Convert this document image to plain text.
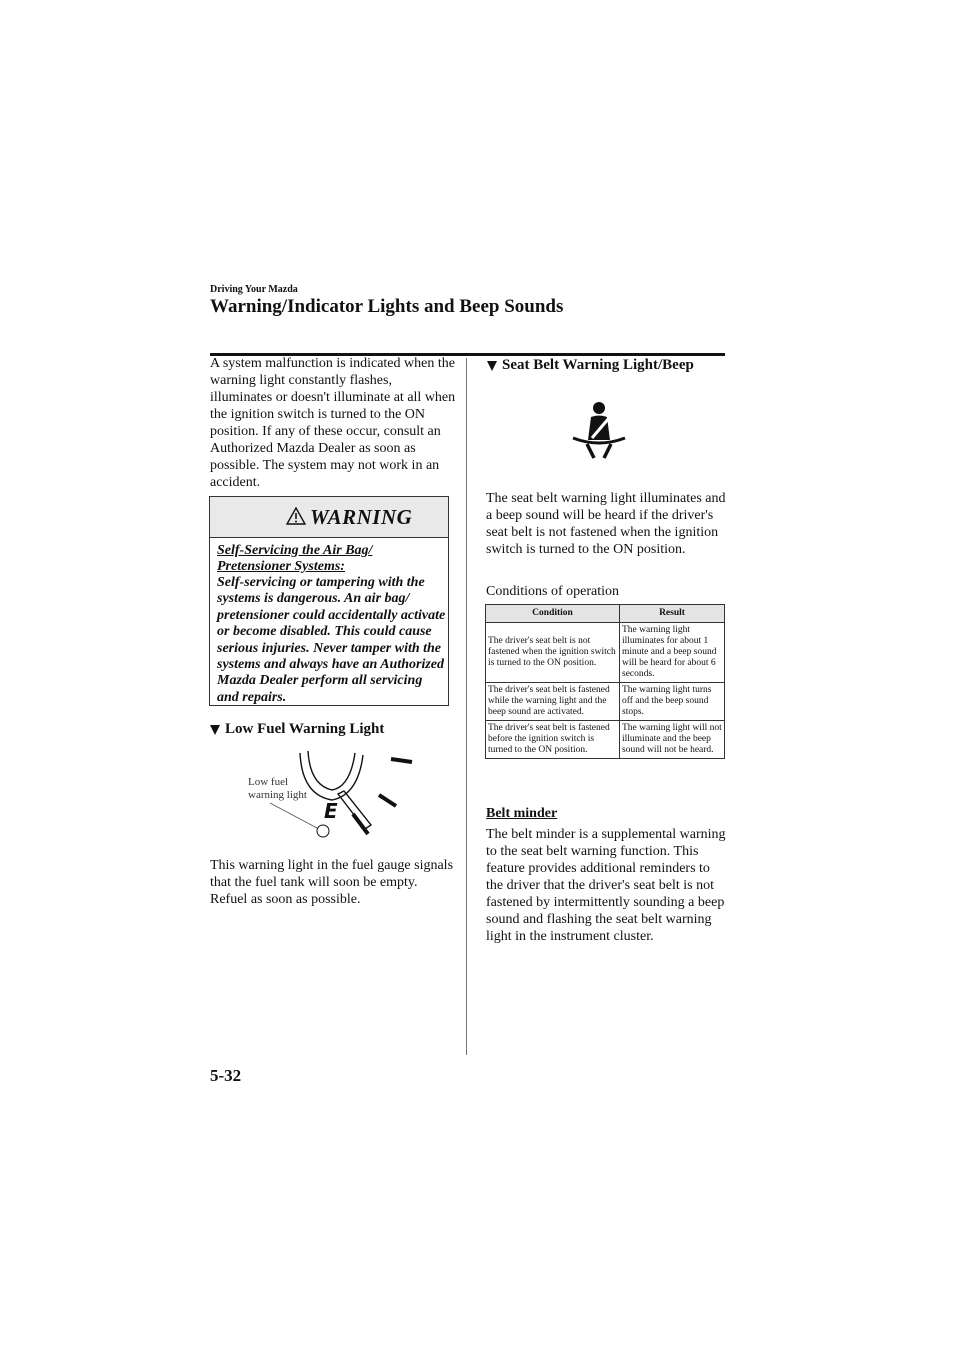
Driving Your Mazda
Warning/Indicator Lights and Beep Sounds

A system malfunction is indicated when the warning light constantly flashes, illuminates or doesn't illuminate at all when the ignition switch is turned to the ON position. If any of these occur, consult an Authorized Mazda Dealer as soon as possible. The system may not work in an accident.

WARNING

Self-Servicing the Air Bag/ Pretensioner Systems:

Self-servicing or tampering with the systems is dangerous. An air bag/ pretensioner could accidentally activate or become disabled. This could cause serious injuries. Never tamper with the systems and always have an Authorized Mazda Dealer perform all servicing and repairs.

Low Fuel Warning Light
E
Low fuel
warning light
This warning light in the fuel gauge signals that the fuel tank will soon be empty.
Refuel as soon as possible.
Seat Belt Warning Light/Beep

The seat belt warning light illuminates and a beep sound will be heard if the driver's seat belt is not fastened when the ignition switch is turned to the ON position.

Conditions of operation
Condition	Result
The driver's seat belt is not fastened when the ignition switch is turned to the ON position.	The warning light illuminates for about 1 minute and a beep sound will be heard for about 6 seconds.
The driver's seat belt is fastened while the warning light and the beep sound are activated.	The warning light turns off and the beep sound stops.
The driver's seat belt is fastened before the ignition switch is turned to the ON position.	The warning light will not illuminate and the beep sound will not be heard.
Belt minder

The belt minder is a supplemental warning to the seat belt warning function. This feature provides additional reminders to the driver that the driver's seat belt is not fastened by intermittently sounding a beep sound and flashing the seat belt warning light in the instrument cluster.

5-32
